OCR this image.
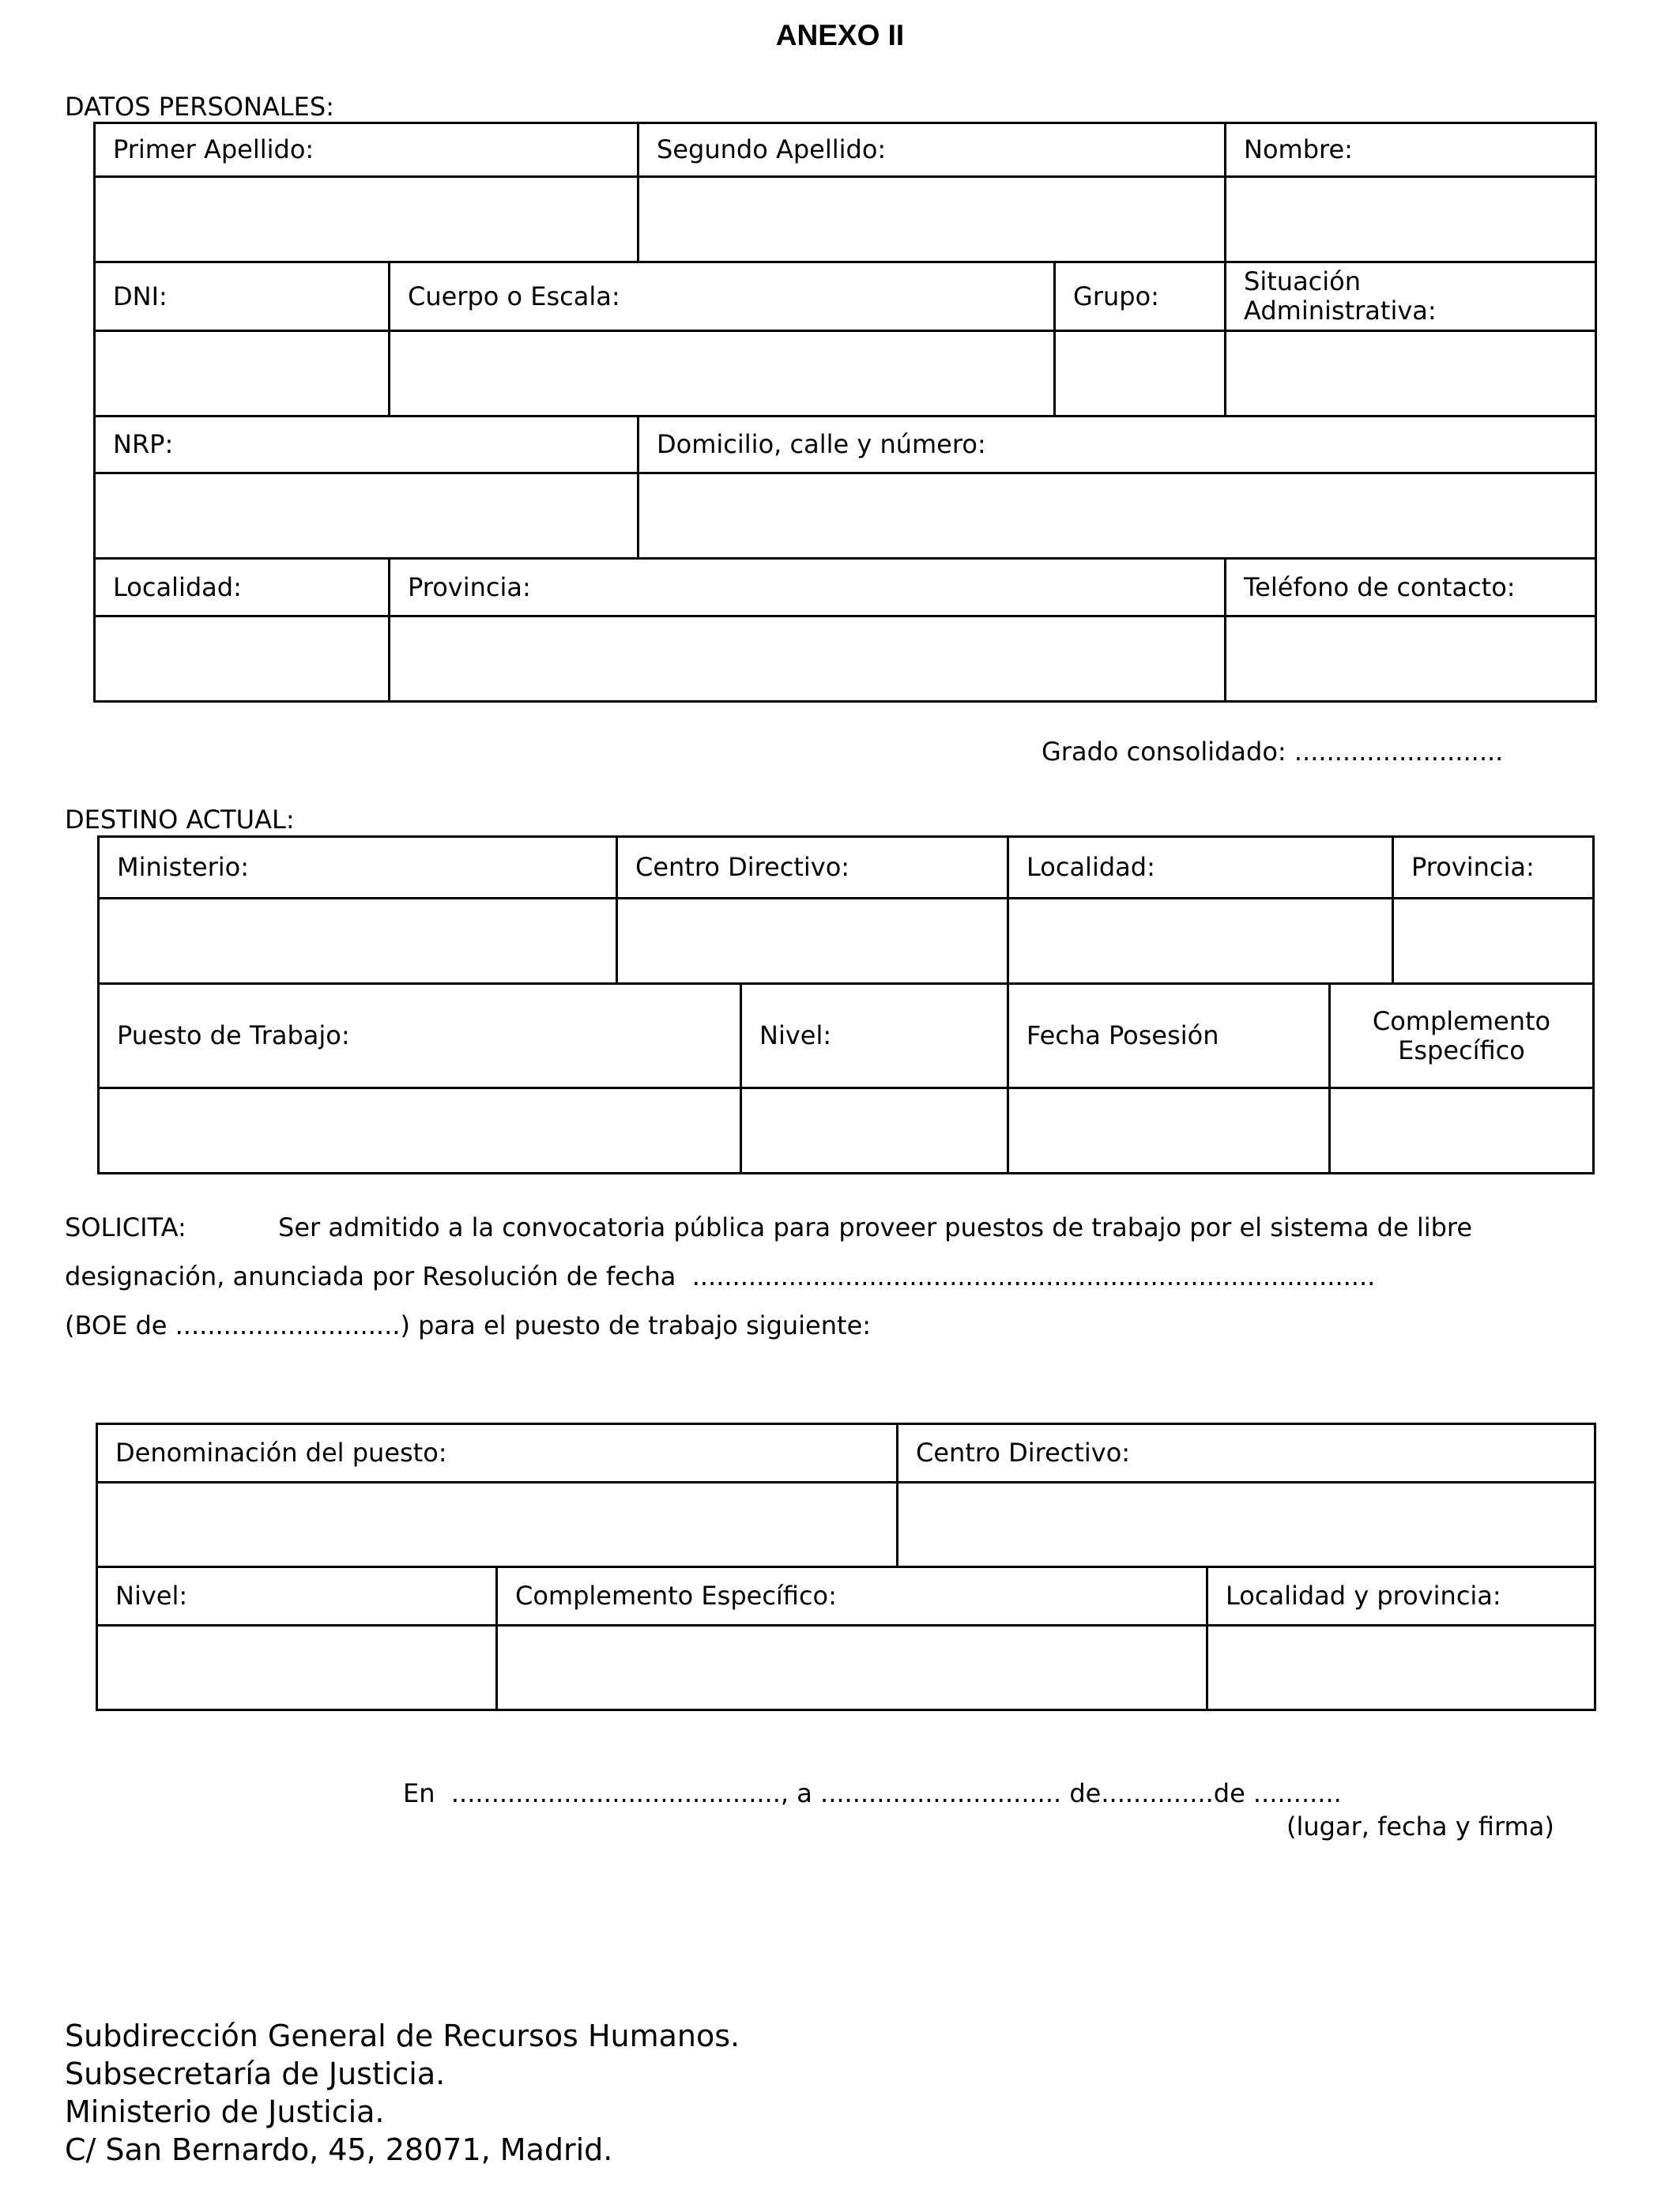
ANEXO II
DATOS PERSONALES:
Primer Apellido:		Segundo Apellido:		Nombre:

DNI:	Cuerpo o Escala:		Grupo:	Situación
Administrativa:

NRP:		Domicilio, calle y número:		

Localidad:	Provincia:			Teléfono de contacto:

Grado consolidado: ..........................
DESTINO ACTUAL:
Ministerio:	Centro Directivo:		Localidad:		Provincia:

Puesto de Trabajo:		Nivel:	Fecha Posesión	Complemento
Específico	

SOLICITA:	Ser admitido a la convocatoria pública para proveer puestos de trabajo por el sistema de libre
designación, anunciada por Resolución de fecha  .....................................................................................
(BOE de ............................) para el puesto de trabajo siguiente:
Denominación del puesto:		Centro Directivo:	

Nivel:	Complemento Específico:		Localidad y provincia:

En  ........................................., a .............................. de..............de ...........
(lugar, fecha y firma)
Subdirección General de Recursos Humanos.
Subsecretaría de Justicia.
Ministerio de Justicia.
C/ San Bernardo, 45, 28071, Madrid.
